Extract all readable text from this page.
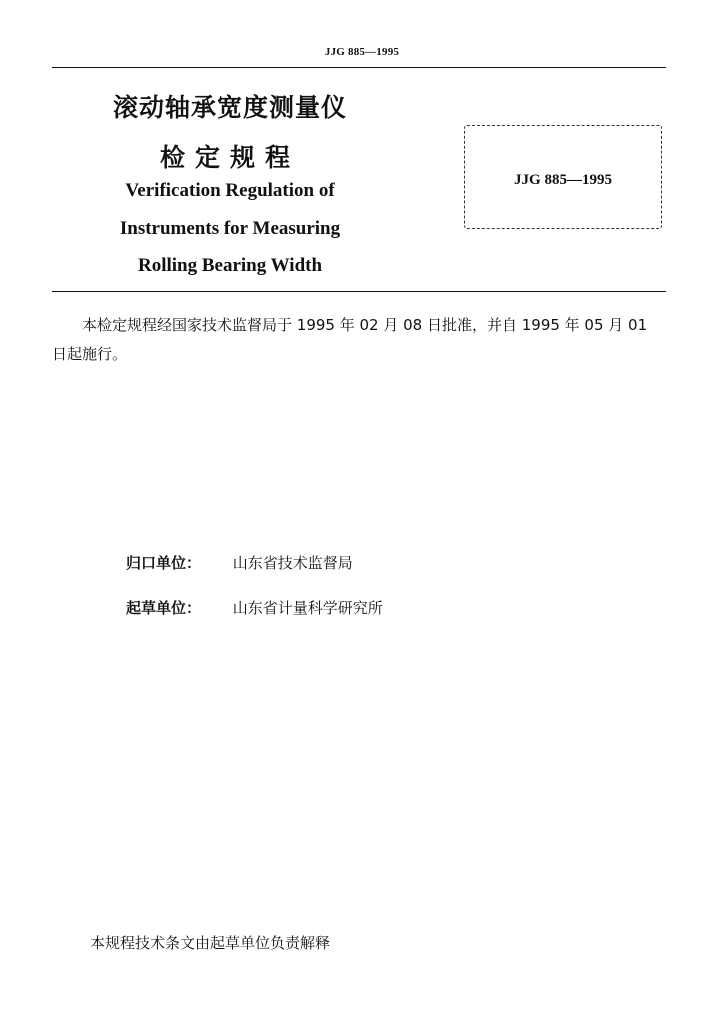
JJG 885—1995
滚动轴承宽度测量仪
检定规程
Verification Regulation of
Instruments for Measuring
Rolling Bearing Width
JJG 885—1995
本检定规程经国家技术监督局于 1995 年 02 月 08 日批准，并自 1995 年 05 月 01 日起施行。
归口单位： 山东省技术监督局
起草单位： 山东省计量科学研究所
本规程技术条文由起草单位负责解释
